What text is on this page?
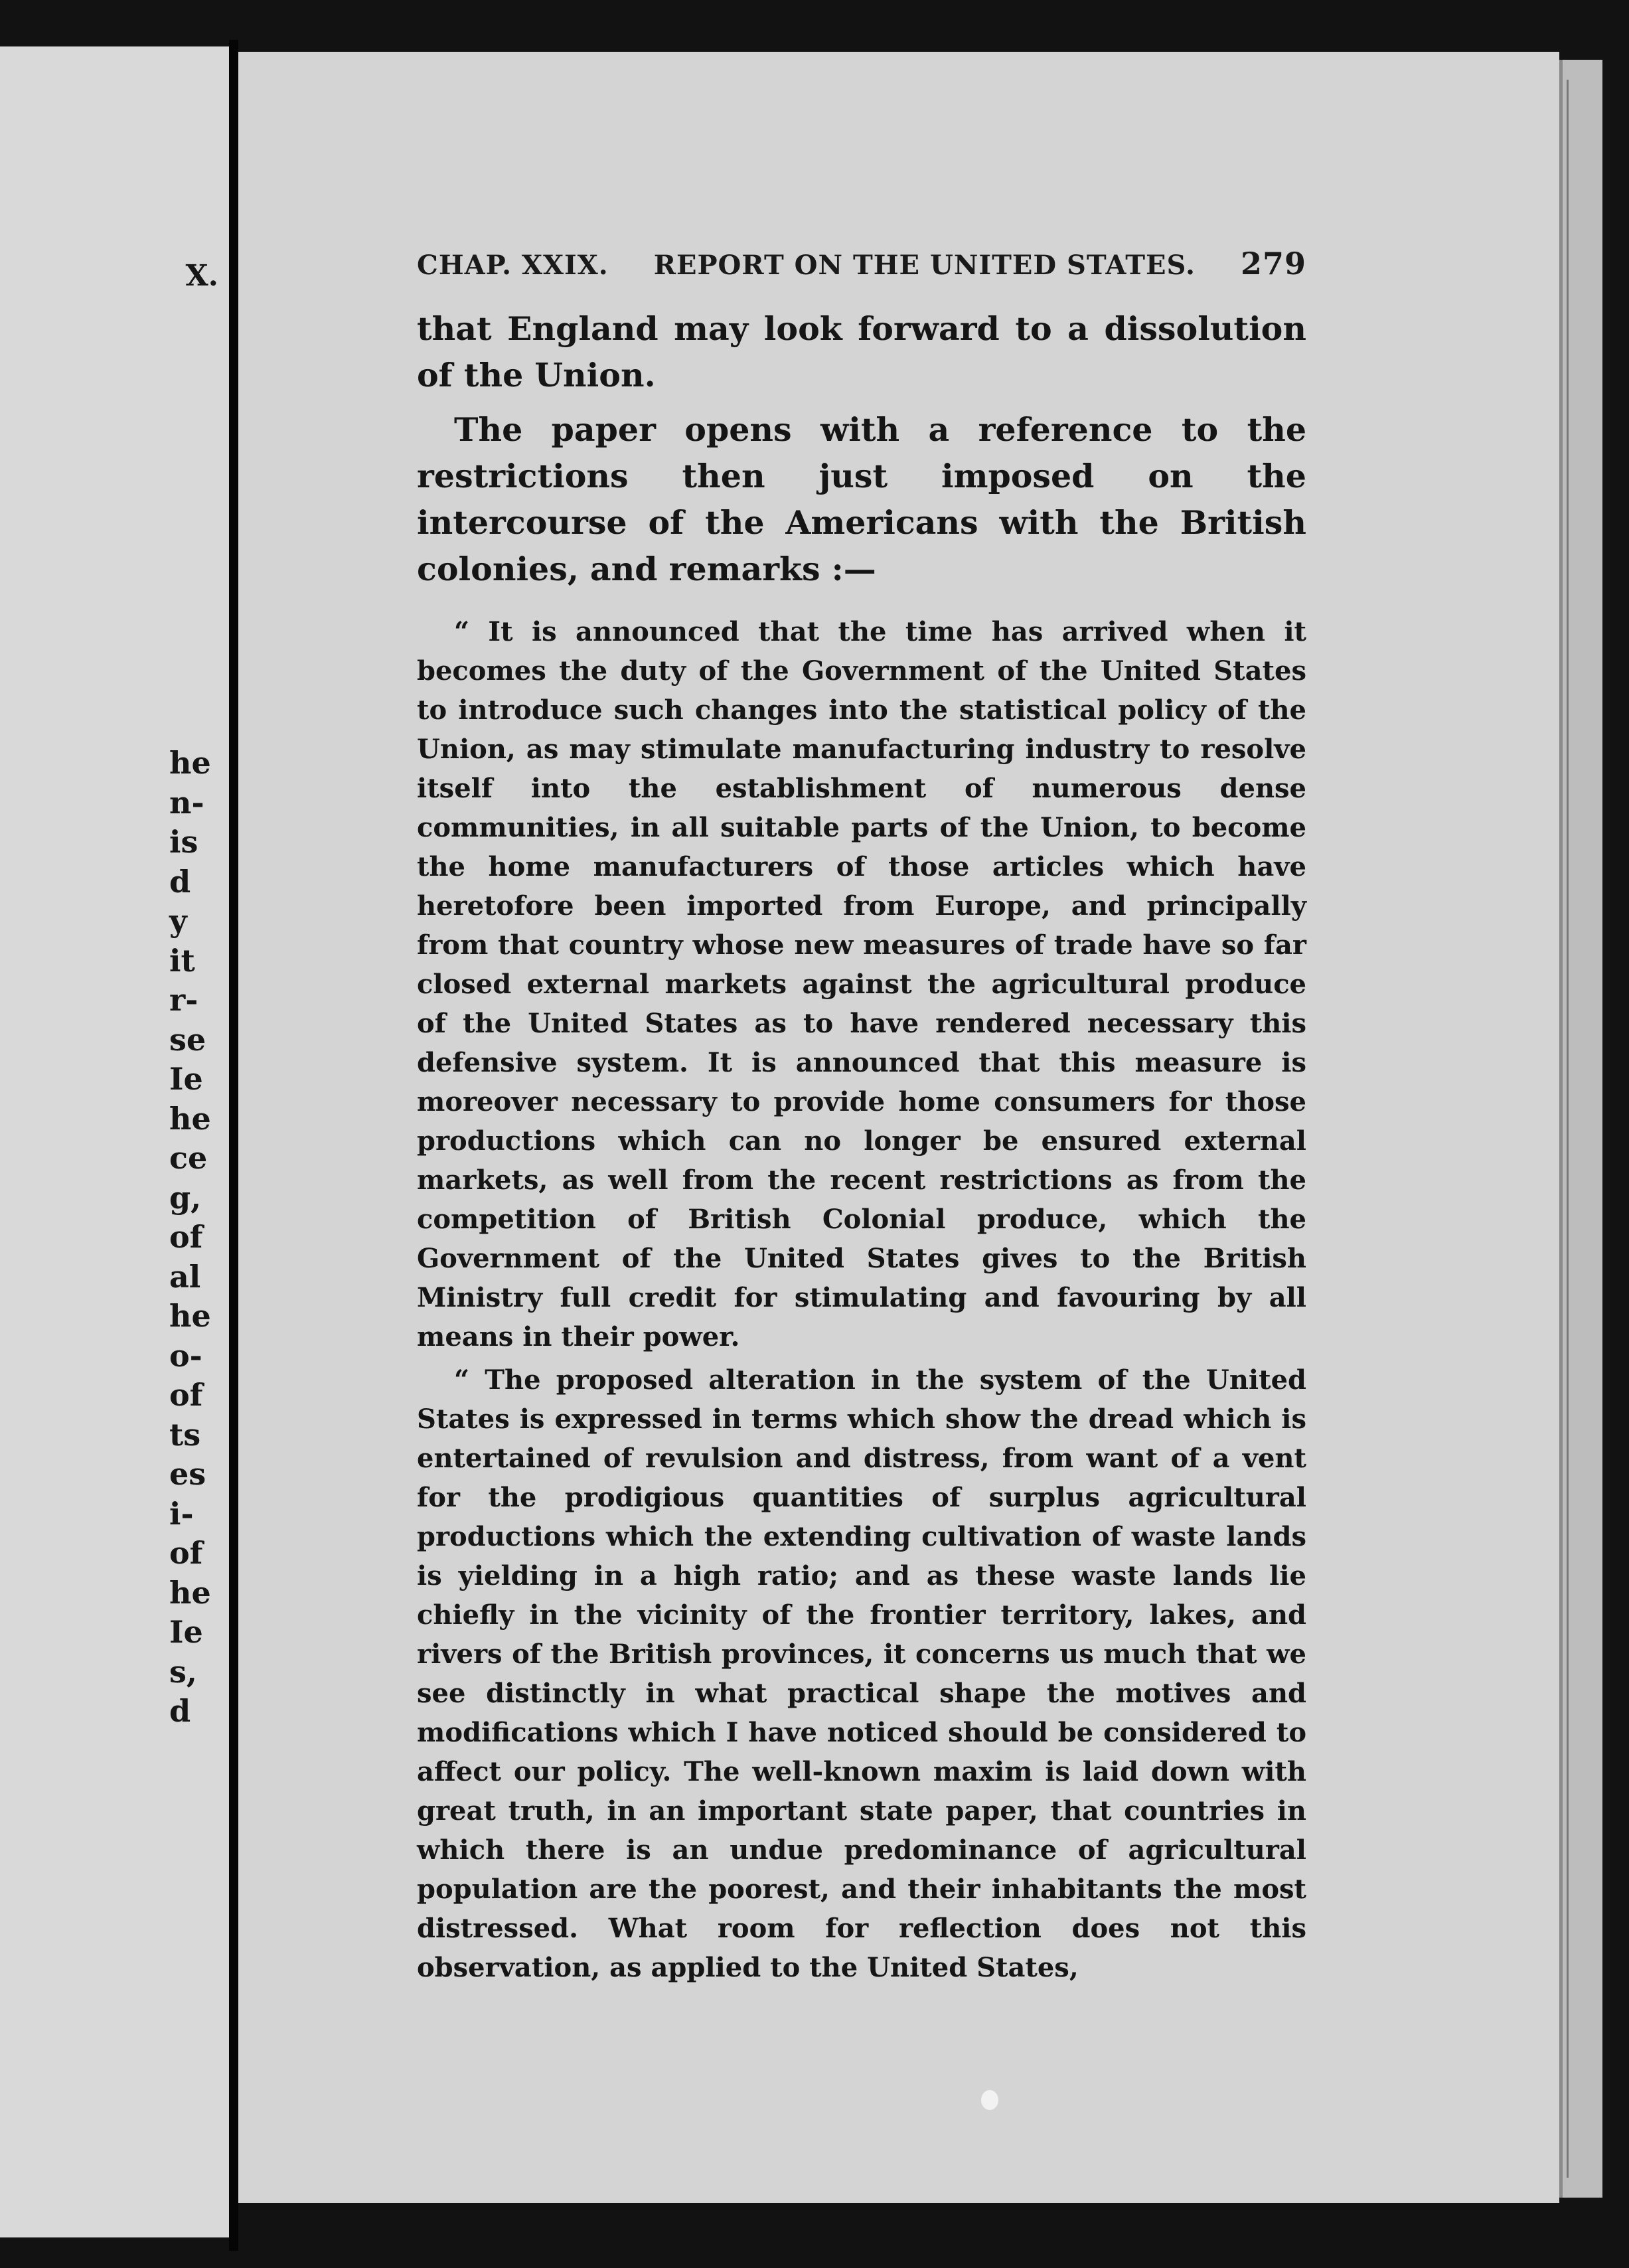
X.
he
n-
is
d
y
it
r-
se
Ie
he
ce
g,
of
al
he
o-
of
ts
es
i-
of
he
Ie
s,
d
CHAP. XXIX. REPORT ON THE UNITED STATES. 279

that England may look forward to a dissolution of the Union.

The paper opens with a reference to the restrictions then just imposed on the intercourse of the Americans with the British colonies, and remarks :—

“ It is announced that the time has arrived when it becomes the duty of the Government of the United States to introduce such changes into the statistical policy of the Union, as may stimulate manufacturing industry to resolve itself into the establishment of numerous dense communities, in all suitable parts of the Union, to become the home manufacturers of those articles which have heretofore been imported from Europe, and principally from that country whose new measures of trade have so far closed external markets against the agricultural produce of the United States as to have rendered necessary this defensive system. It is announced that this measure is moreover necessary to provide home consumers for those productions which can no longer be ensured external markets, as well from the recent restrictions as from the competition of British Colonial produce, which the Government of the United States gives to the British Ministry full credit for stimulating and favouring by all means in their power.

“ The proposed alteration in the system of the United States is expressed in terms which show the dread which is entertained of revulsion and distress, from want of a vent for the prodigious quantities of surplus agricultural productions which the extending cultivation of waste lands is yielding in a high ratio; and as these waste lands lie chiefly in the vicinity of the frontier territory, lakes, and rivers of the British provinces, it concerns us much that we see distinctly in what practical shape the motives and modifications which I have noticed should be considered to affect our policy. The well-known maxim is laid down with great truth, in an important state paper, that countries in which there is an undue predominance of agricultural population are the poorest, and their inhabitants the most distressed. What room for reflection does not this observation, as applied to the United States,
